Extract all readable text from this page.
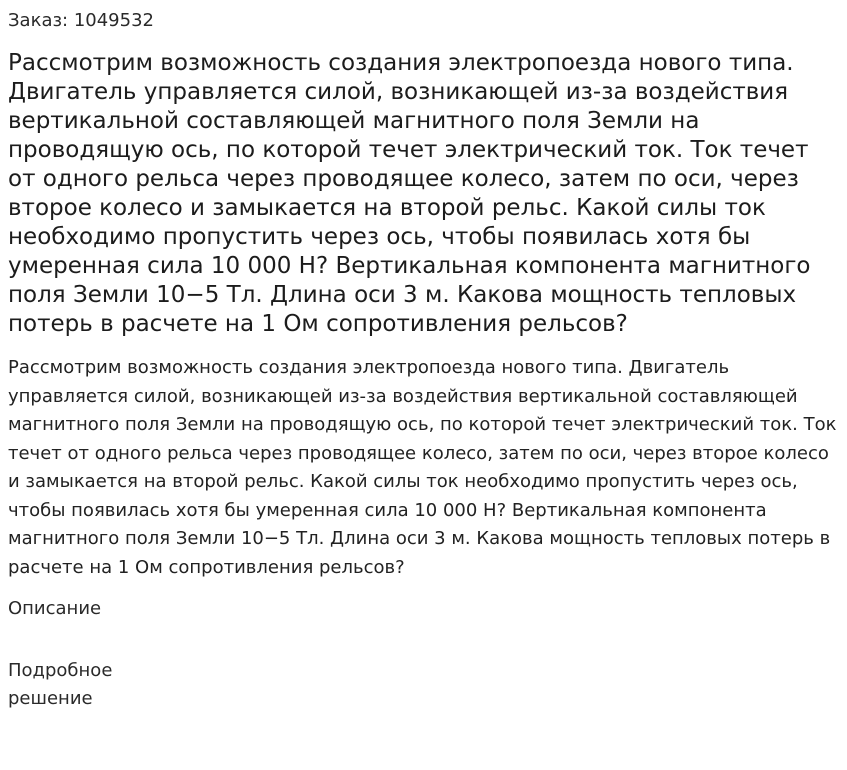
Заказ: 1049532
Рассмотрим возможность создания электропоезда нового типа. Двигатель управляется силой, возникающей из-за воздействия вертикальной составляющей магнитного поля Земли на проводящую ось, по которой течет электрический ток. Ток течет от одного рельса через проводящее колесо, затем по оси, через второе колесо и замыкается на второй рельс. Какой силы ток необходимо пропустить через ось, чтобы появилась хотя бы умеренная сила 10 000 Н? Вертикальная компонента магнитного поля Земли 10−5 Тл. Длина оси 3 м. Какова мощность тепловых потерь в расчете на 1 Ом сопротивления рельсов?
Рассмотрим возможность создания электропоезда нового типа. Двигатель управляется силой, возникающей из-за воздействия вертикальной составляющей магнитного поля Земли на проводящую ось, по которой течет электрический ток. Ток течет от одного рельса через проводящее колесо, затем по оси, через второе колесо и замыкается на второй рельс. Какой силы ток необходимо пропустить через ось, чтобы появилась хотя бы умеренная сила 10 000 Н? Вертикальная компонента магнитного поля Земли 10−5 Тл. Длина оси 3 м. Какова мощность тепловых потерь в расчете на 1 Ом сопротивления рельсов?
Описание
Подробное решение
